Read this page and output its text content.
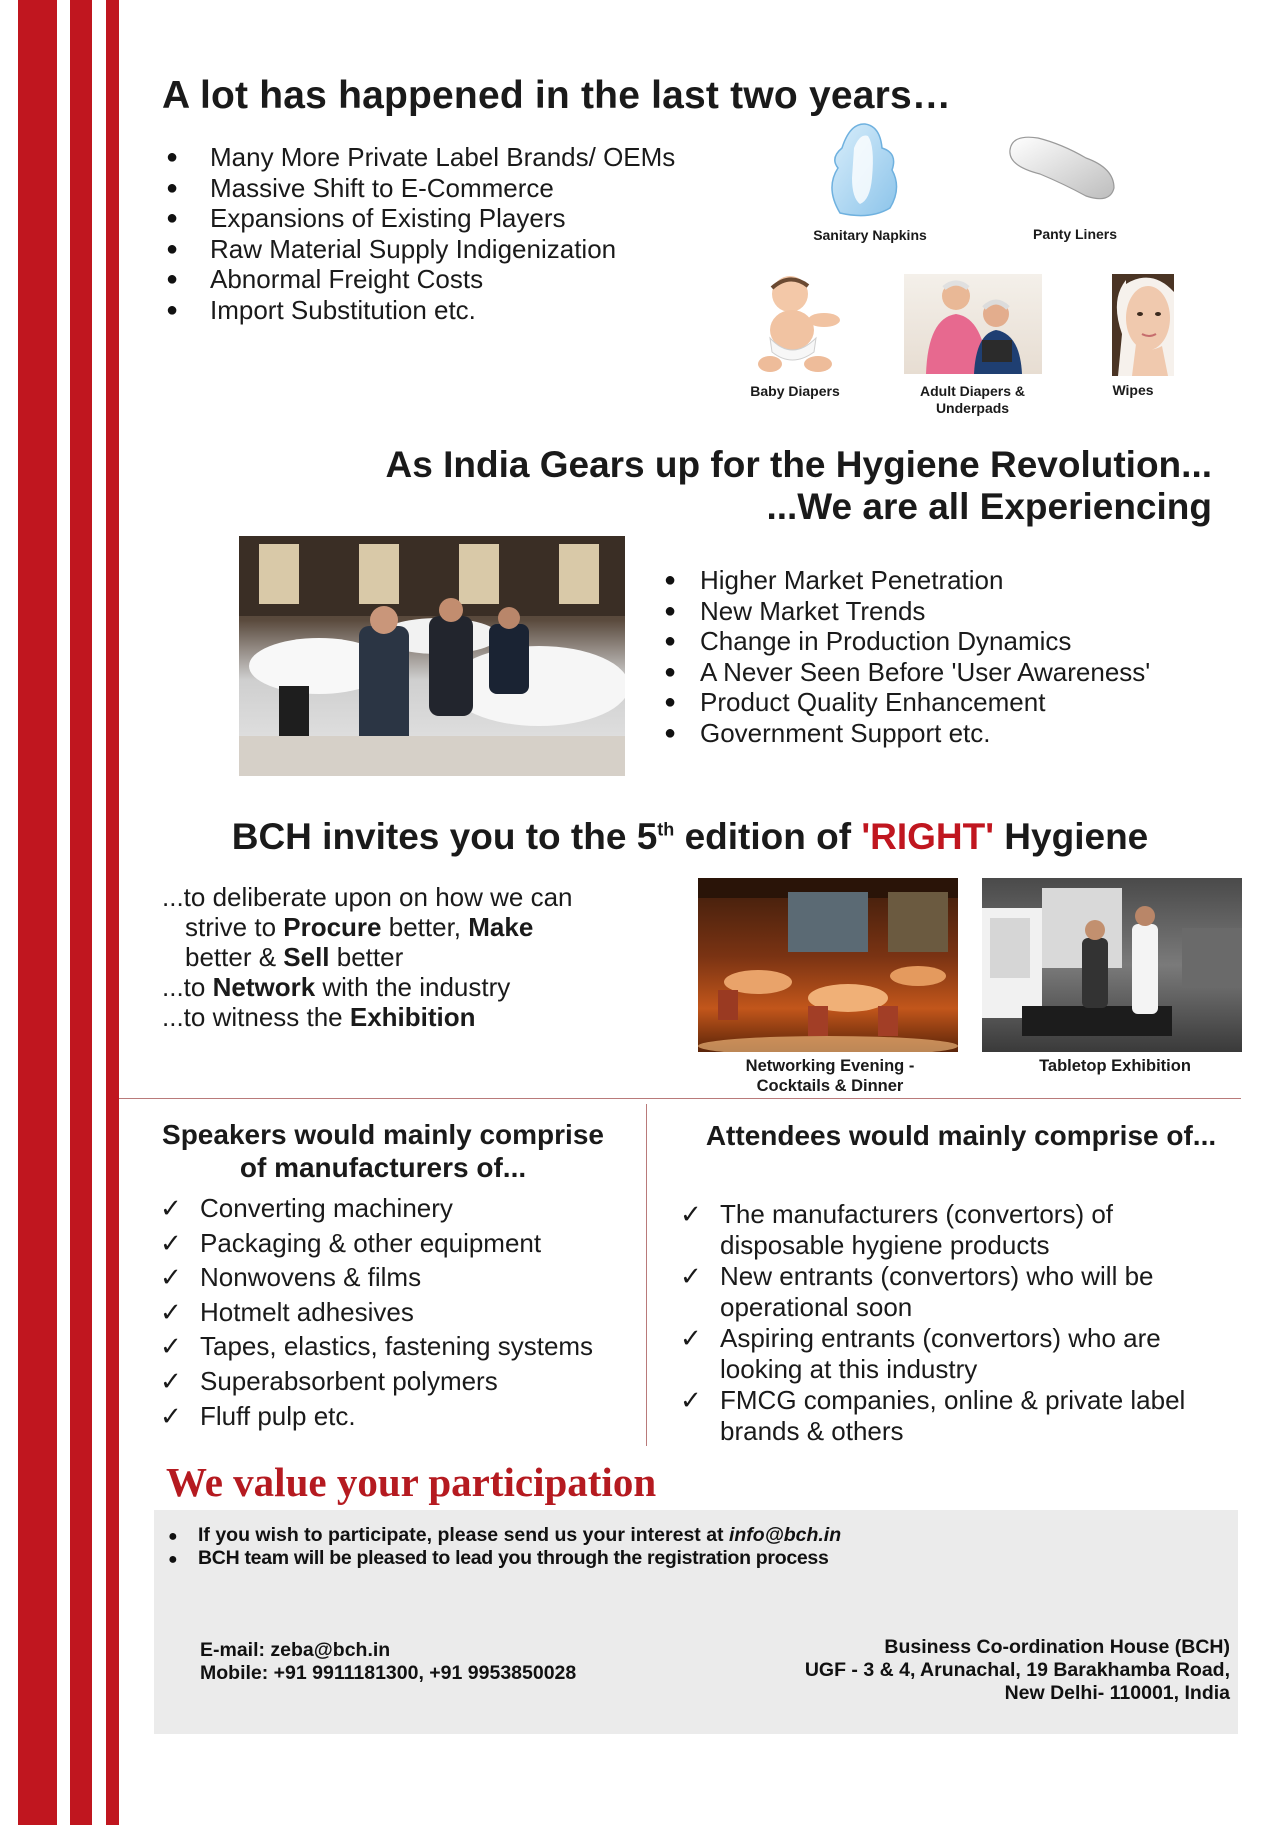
A lot has happened in the last two years…
● Many More Private Label Brands/ OEMs
● Massive Shift to E-Commerce
● Expansions of Existing Players
● Raw Material Supply Indigenization
● Abnormal Freight Costs
● Import Substitution etc.
Sanitary Napkins	Panty Liners
Baby Diapers	Adult Diapers &
Underpads
Wipes
As India Gears up for the Hygiene Revolution...
...We are all Experiencing
● Higher Market Penetration
● New Market Trends
● Change in Production Dynamics
● A Never Seen Before 'User Awareness'
● Product Quality Enhancement
● Government Support etc.
BCH invites you to the 5th edition of 'RIGHT' Hygiene
...to deliberate upon on how we can
strive to Procure better, Make
better & Sell better
...to Network with the industry
...to witness the Exhibition
Networking Evening -
Cocktails & Dinner
Tabletop Exhibition
Speakers would mainly comprise
of manufacturers of...
✓ Converting machinery
✓ Packaging & other equipment
✓ Nonwovens & films
✓ Hotmelt adhesives
✓ Tapes, elastics, fastening systems
✓ Superabsorbent polymers
✓ Fluff pulp etc.
Attendees would mainly comprise of...
✓ The manufacturers (convertors) of
disposable hygiene products
✓ New entrants (convertors) who will be
operational soon
✓ Aspiring entrants (convertors) who are
looking at this industry
✓ FMCG companies, online & private label
brands & others
We value your participation
● If you wish to participate, please send us your interest at info@bch.in
● BCH team will be pleased to lead you through the registration process
E-mail: zeba@bch.in
Mobile: +91 9911181300, +91 9953850028
Business Co-ordination House (BCH)
UGF - 3 & 4, Arunachal, 19 Barakhamba Road,
New Delhi- 110001, India
